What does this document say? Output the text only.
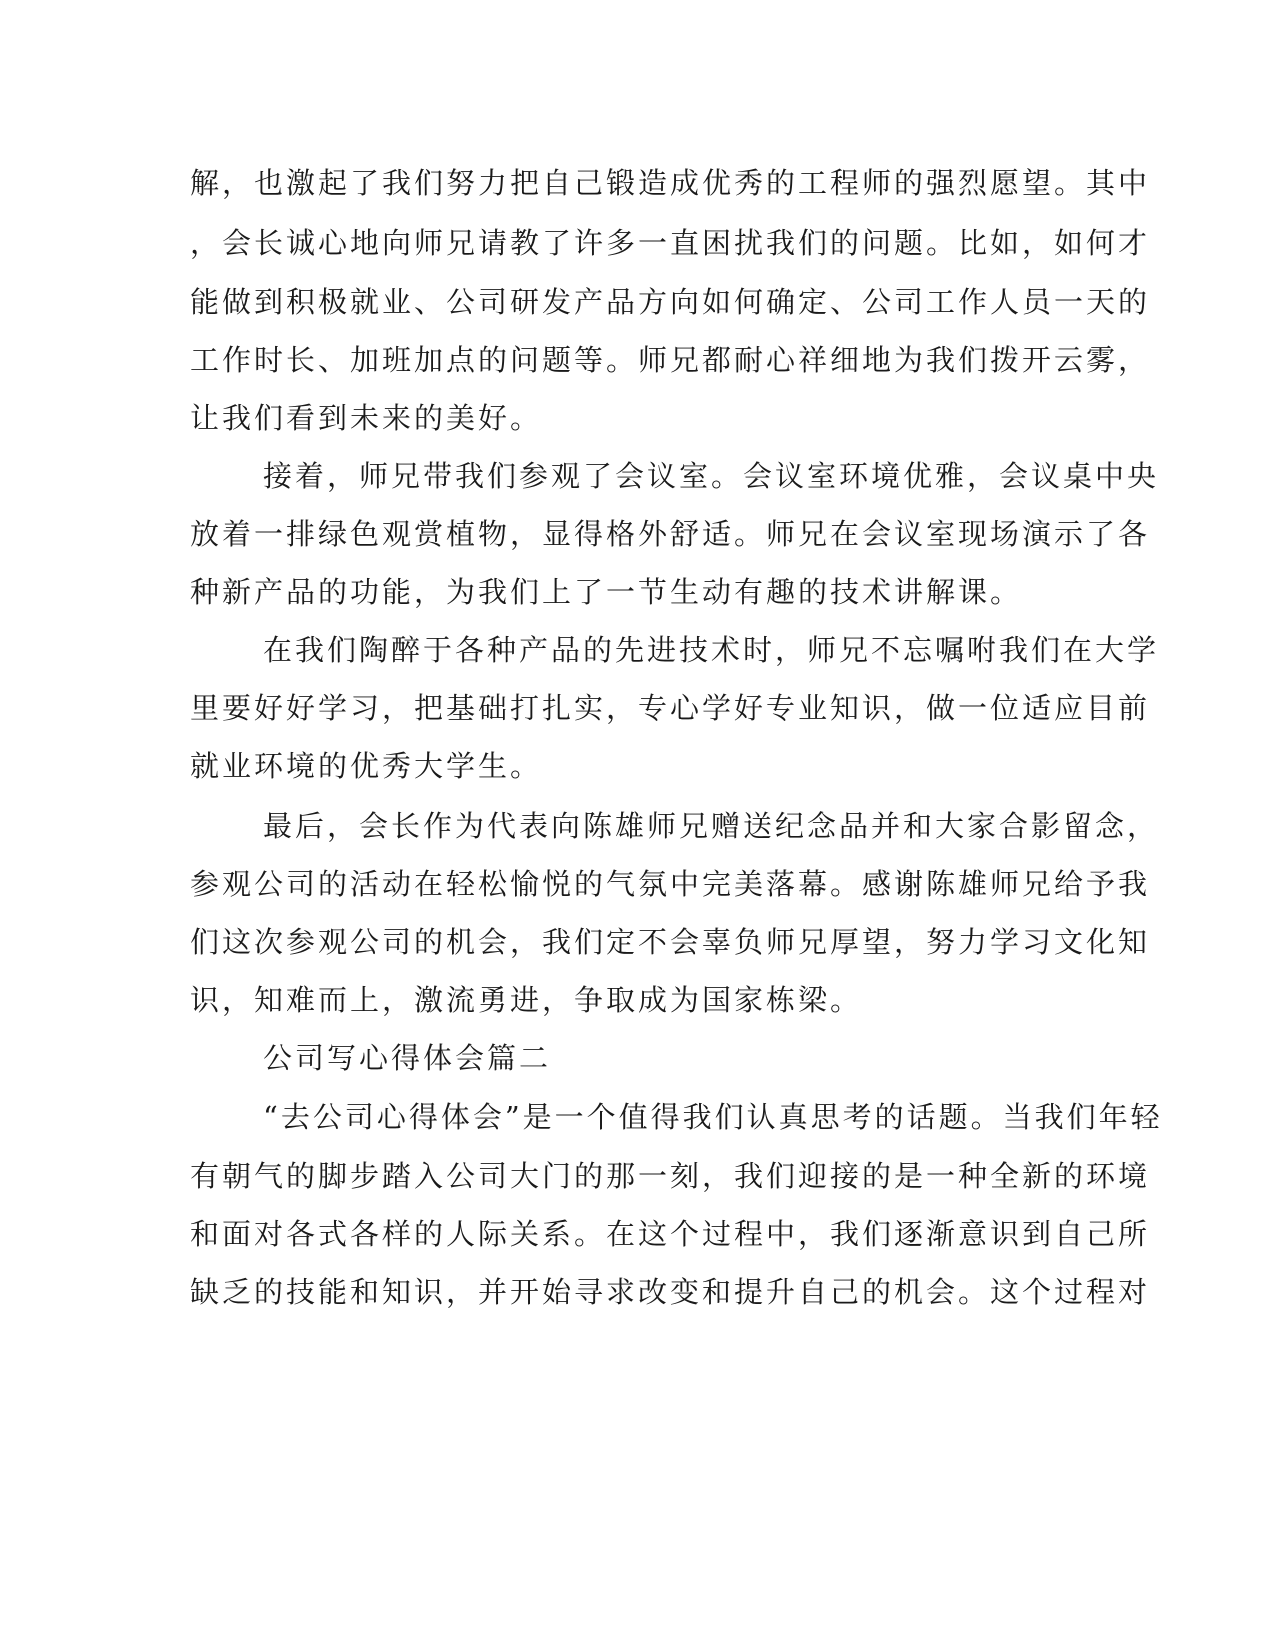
解，也激起了我们努力把自己锻造成优秀的工程师的强烈愿望。其中
，会长诚心地向师兄请教了许多一直困扰我们的问题。比如，如何才
能做到积极就业、公司研发产品方向如何确定、公司工作人员一天的
工作时长、加班加点的问题等。师兄都耐心祥细地为我们拨开云雾，
让我们看到未来的美好。
接着，师兄带我们参观了会议室。会议室环境优雅，会议桌中央
放着一排绿色观赏植物，显得格外舒适。师兄在会议室现场演示了各
种新产品的功能，为我们上了一节生动有趣的技术讲解课。
在我们陶醉于各种产品的先进技术时，师兄不忘嘱咐我们在大学
里要好好学习，把基础打扎实，专心学好专业知识，做一位适应目前
就业环境的优秀大学生。
最后，会长作为代表向陈雄师兄赠送纪念品并和大家合影留念，
参观公司的活动在轻松愉悦的气氛中完美落幕。感谢陈雄师兄给予我
们这次参观公司的机会，我们定不会辜负师兄厚望，努力学习文化知
识，知难而上，激流勇进，争取成为国家栋梁。
公司写心得体会篇二
“去公司心得体会”是一个值得我们认真思考的话题。当我们年轻
有朝气的脚步踏入公司大门的那一刻，我们迎接的是一种全新的环境
和面对各式各样的人际关系。在这个过程中，我们逐渐意识到自己所
缺乏的技能和知识，并开始寻求改变和提升自己的机会。这个过程对
